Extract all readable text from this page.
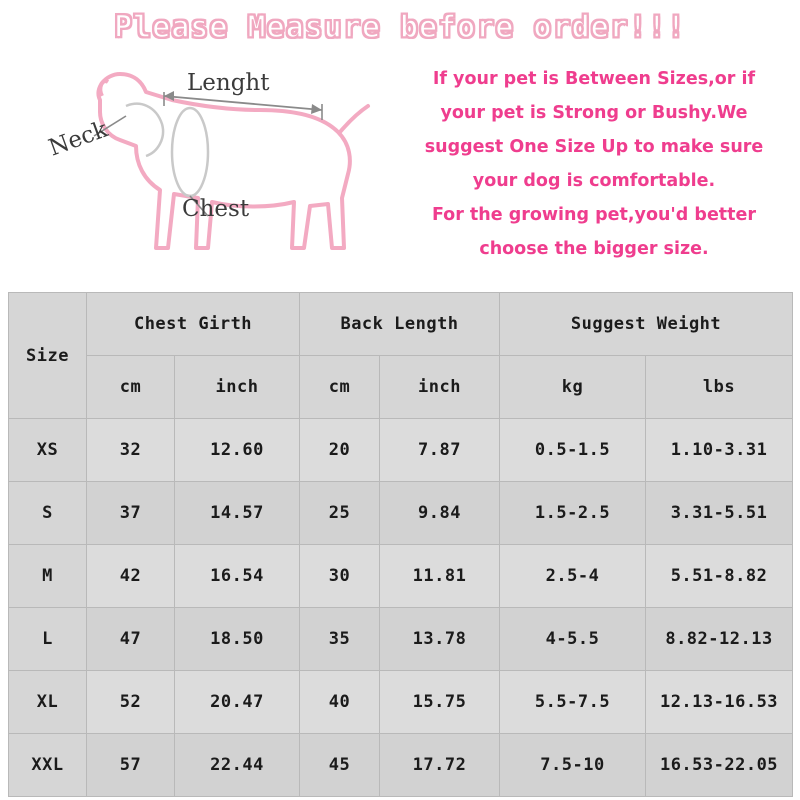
Please Measure before order!!!
Neck
Lenght
Chest
If your pet is Between Sizes,or if
your pet is Strong or Bushy.We
suggest One Size Up to make sure
your dog is comfortable.
For the growing pet,you'd better
choose the bigger size.
Size	Chest Girth		Back Length		Suggest Weight	
	cm	inch	cm	inch	kg	lbs
XS	32	12.60	20	7.87	0.5-1.5	1.10-3.31
S	37	14.57	25	9.84	1.5-2.5	3.31-5.51
M	42	16.54	30	11.81	2.5-4	5.51-8.82
L	47	18.50	35	13.78	4-5.5	8.82-12.13
XL	52	20.47	40	15.75	5.5-7.5	12.13-16.53
XXL	57	22.44	45	17.72	7.5-10	16.53-22.05
